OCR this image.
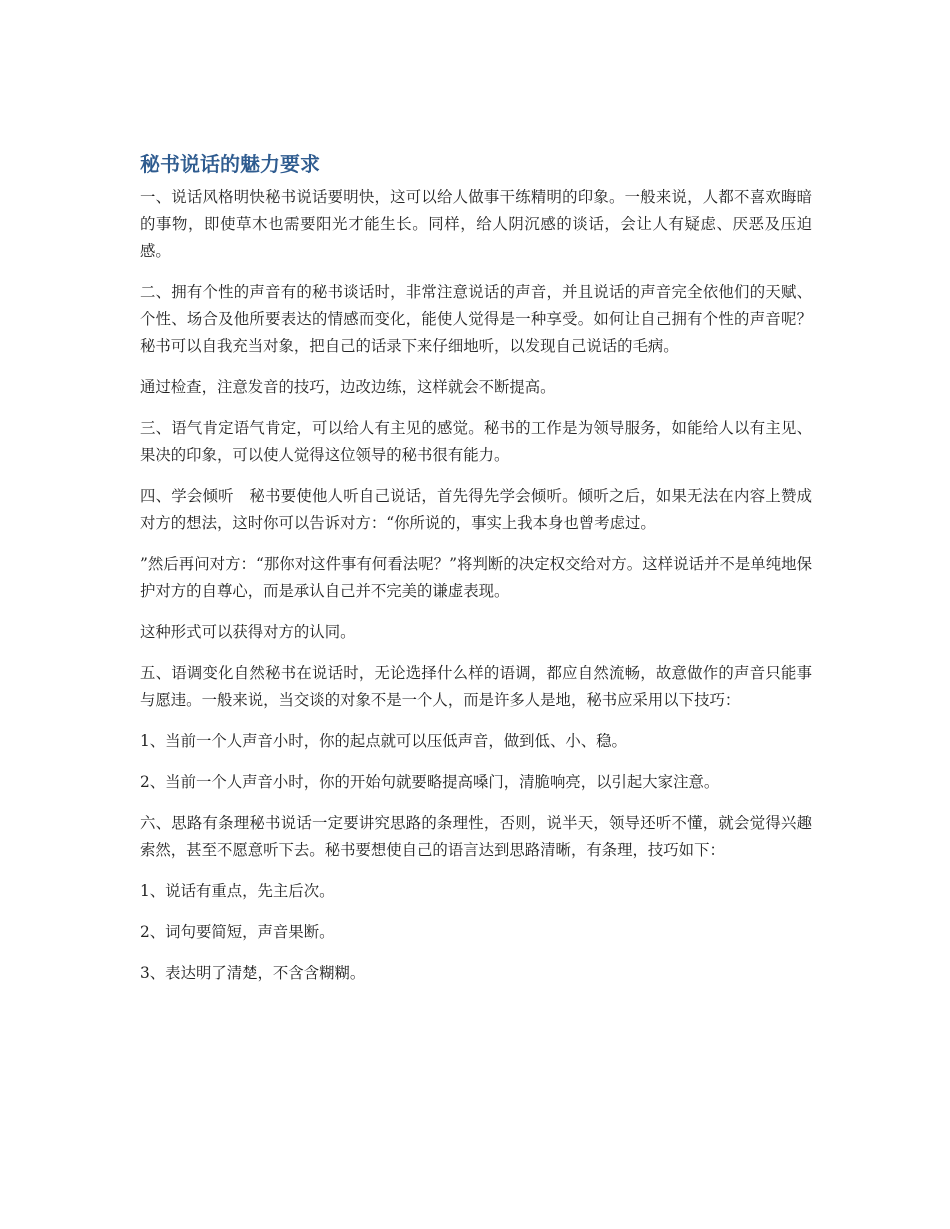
秘书说话的魅力要求

一、说话风格明快秘书说话要明快，这可以给人做事干练精明的印象。一般来说，人都不喜欢晦暗的事物，即使草木也需要阳光才能生长。同样，给人阴沉感的谈话，会让人有疑虑、厌恶及压迫感。

二、拥有个性的声音有的秘书谈话时，非常注意说话的声音，并且说话的声音完全依他们的天赋、个性、场合及他所要表达的情感而变化，能使人觉得是一种享受。如何让自己拥有个性的声音呢？秘书可以自我充当对象，把自己的话录下来仔细地听，以发现自己说话的毛病。

通过检查，注意发音的技巧，边改边练，这样就会不断提高。

三、语气肯定语气肯定，可以给人有主见的感觉。秘书的工作是为领导服务，如能给人以有主见、果决的印象，可以使人觉得这位领导的秘书很有能力。

四、学会倾听　秘书要使他人听自己说话，首先得先学会倾听。倾听之后，如果无法在内容上赞成对方的想法，这时你可以告诉对方：“你所说的，事实上我本身也曾考虑过。

”然后再问对方：“那你对这件事有何看法呢？”将判断的决定权交给对方。这样说话并不是单纯地保护对方的自尊心，而是承认自己并不完美的谦虚表现。

这种形式可以获得对方的认同。

五、语调变化自然秘书在说话时，无论选择什么样的语调，都应自然流畅，故意做作的声音只能事与愿违。一般来说，当交谈的对象不是一个人，而是许多人是地，秘书应采用以下技巧：

1、当前一个人声音小时，你的起点就可以压低声音，做到低、小、稳。

2、当前一个人声音小时，你的开始句就要略提高嗓门，清脆响亮，以引起大家注意。

六、思路有条理秘书说话一定要讲究思路的条理性，否则，说半天，领导还听不懂，就会觉得兴趣索然，甚至不愿意听下去。秘书要想使自己的语言达到思路清晰，有条理，技巧如下：

1、说话有重点，先主后次。

2、词句要简短，声音果断。

3、表达明了清楚，不含含糊糊。
